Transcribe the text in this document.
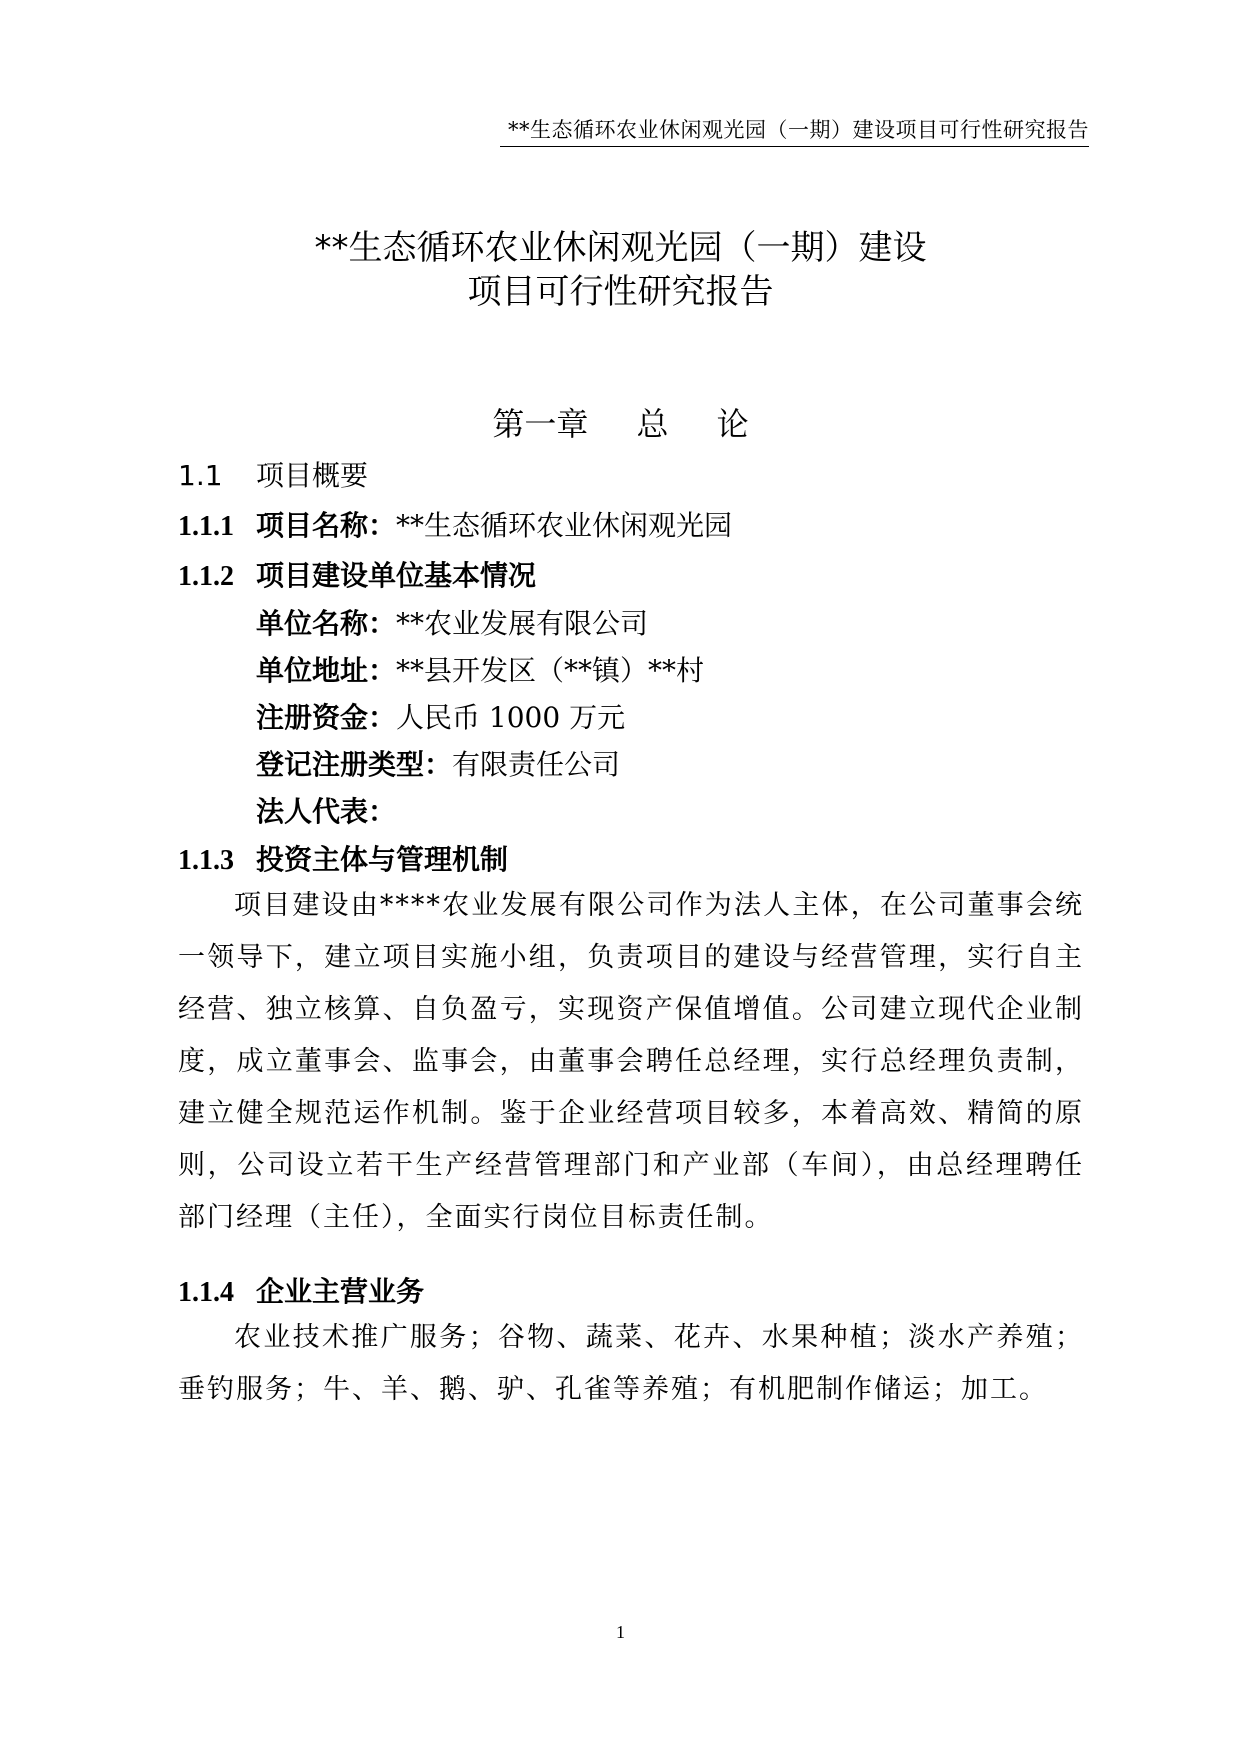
**生态循环农业休闲观光园（一期）建设项目可行性研究报告
**生态循环农业休闲观光园（一期）建设
项目可行性研究报告
第一章 总 论
1.1 项目概要
1.1.1 项目名称：**生态循环农业休闲观光园
1.1.2 项目建设单位基本情况
单位名称：**农业发展有限公司
单位地址：**县开发区（**镇）**村
注册资金：人民币 1000 万元
登记注册类型：有限责任公司
法人代表：
1.1.3 投资主体与管理机制
项目建设由****农业发展有限公司作为法人主体，在公司董事会统一领导下，建立项目实施小组，负责项目的建设与经营管理，实行自主经营、独立核算、自负盈亏，实现资产保值增值。公司建立现代企业制度，成立董事会、监事会，由董事会聘任总经理，实行总经理负责制，建立健全规范运作机制。鉴于企业经营项目较多，本着高效、精简的原则，公司设立若干生产经营管理部门和产业部（车间），由总经理聘任部门经理（主任），全面实行岗位目标责任制。
1.1.4 企业主营业务
农业技术推广服务；谷物、蔬菜、花卉、水果种植；淡水产养殖；垂钓服务；牛、羊、鹅、驴、孔雀等养殖；有机肥制作储运；加工。
1
